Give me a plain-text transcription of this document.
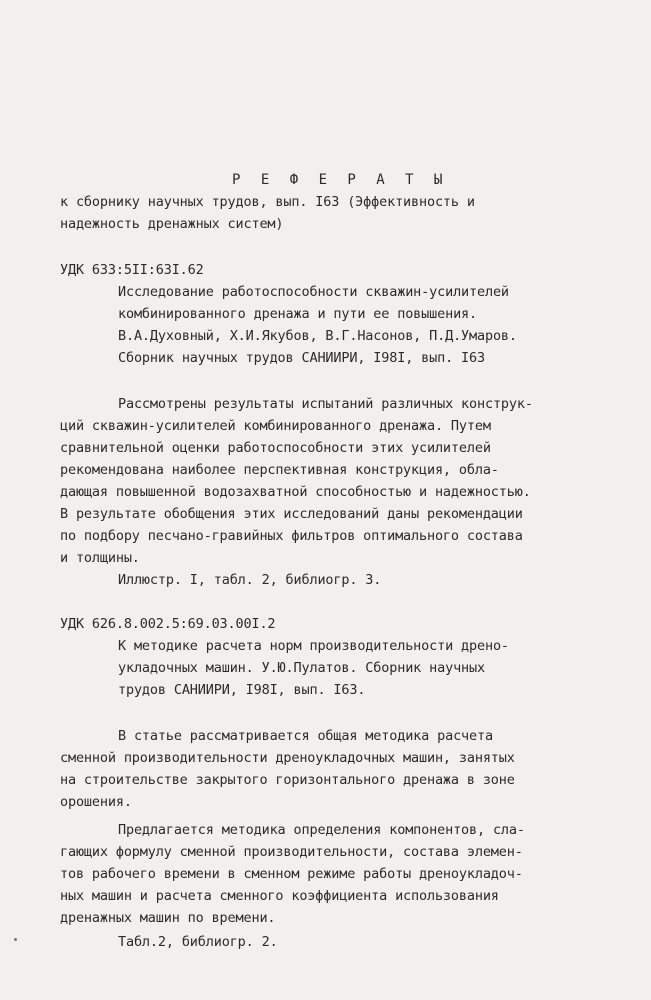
Р Е Ф Е Р А Т Ы
к сборнику научных трудов, вып. I63 (Эффективность и
надежность дренажных систем)
УДК 633:5II:63I.62
Исследование работоспособности скважин-усилителей
комбинированного дренажа и пути ее повышения.
В.А.Духовный, Х.И.Якубов, В.Г.Насонов, П.Д.Умаров.
Сборник научных трудов САНИИРИ, I98I, вып. I63
Рассмотрены результаты испытаний различных конструк-
ций скважин-усилителей комбинированного дренажа. Путем
сравнительной оценки работоспособности этих усилителей
рекомендована наиболее перспективная конструкция, обла-
дающая повышенной водозахватной способностью и надежностью.
В результате обобщения этих исследований даны рекомендации
по подбору песчано-гравийных фильтров оптимального состава
и толщины.
Иллюстр. I, табл. 2, библиогр. 3.
УДК 626.8.002.5:69.03.00I.2
К методике расчета норм производительности дрено-
укладочных машин. У.Ю.Пулатов. Сборник научных
трудов САНИИРИ, I98I, вып. I63.
В статье рассматривается общая методика расчета
сменной производительности дреноукладочных машин, занятых
на строительстве закрытого горизонтального дренажа в зоне
орошения.
Предлагается методика определения компонентов, сла-
гающих формулу сменной производительности, состава элемен-
тов рабочего времени в сменном режиме работы дреноукладоч-
ных машин и расчета сменного коэффициента использования
дренажных машин по времени.
Табл.2, библиогр. 2.
